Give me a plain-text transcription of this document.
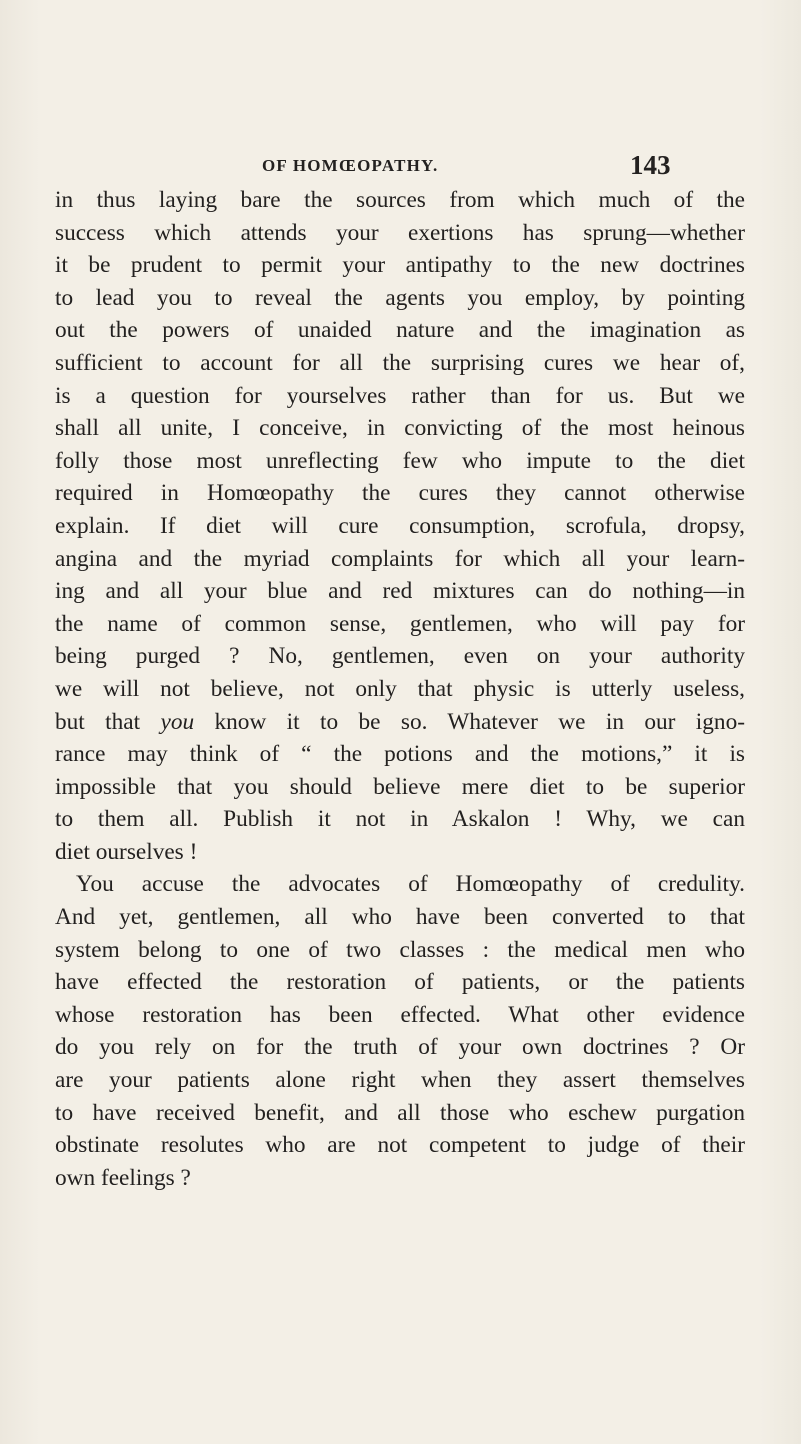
OF HOMŒOPATHY.	143
in thus laying bare the sources from which much of the
success which attends your exertions has sprung—whether
it be prudent to permit your antipathy to the new doctrines
to lead you to reveal the agents you employ, by pointing
out the powers of unaided nature and the imagination as
sufficient to account for all the surprising cures we hear of,
is a question for yourselves rather than for us. But we
shall all unite, I conceive, in convicting of the most heinous
folly those most unreflecting few who impute to the diet
required in Homœopathy the cures they cannot otherwise
explain. If diet will cure consumption, scrofula, dropsy,
angina and the myriad complaints for which all your learn-
ing and all your blue and red mixtures can do nothing—in
the name of common sense, gentlemen, who will pay for
being purged ? No, gentlemen, even on your authority
we will not believe, not only that physic is utterly useless,
but that you know it to be so. Whatever we in our igno-
rance may think of “ the potions and the motions,” it is
impossible that you should believe mere diet to be superior
to them all. Publish it not in Askalon ! Why, we can
diet ourselves !
You accuse the advocates of Homœopathy of credulity.
And yet, gentlemen, all who have been converted to that
system belong to one of two classes : the medical men who
have effected the restoration of patients, or the patients
whose restoration has been effected. What other evidence
do you rely on for the truth of your own doctrines ? Or
are your patients alone right when they assert themselves
to have received benefit, and all those who eschew purgation
obstinate resolutes who are not competent to judge of their
own feelings ?
